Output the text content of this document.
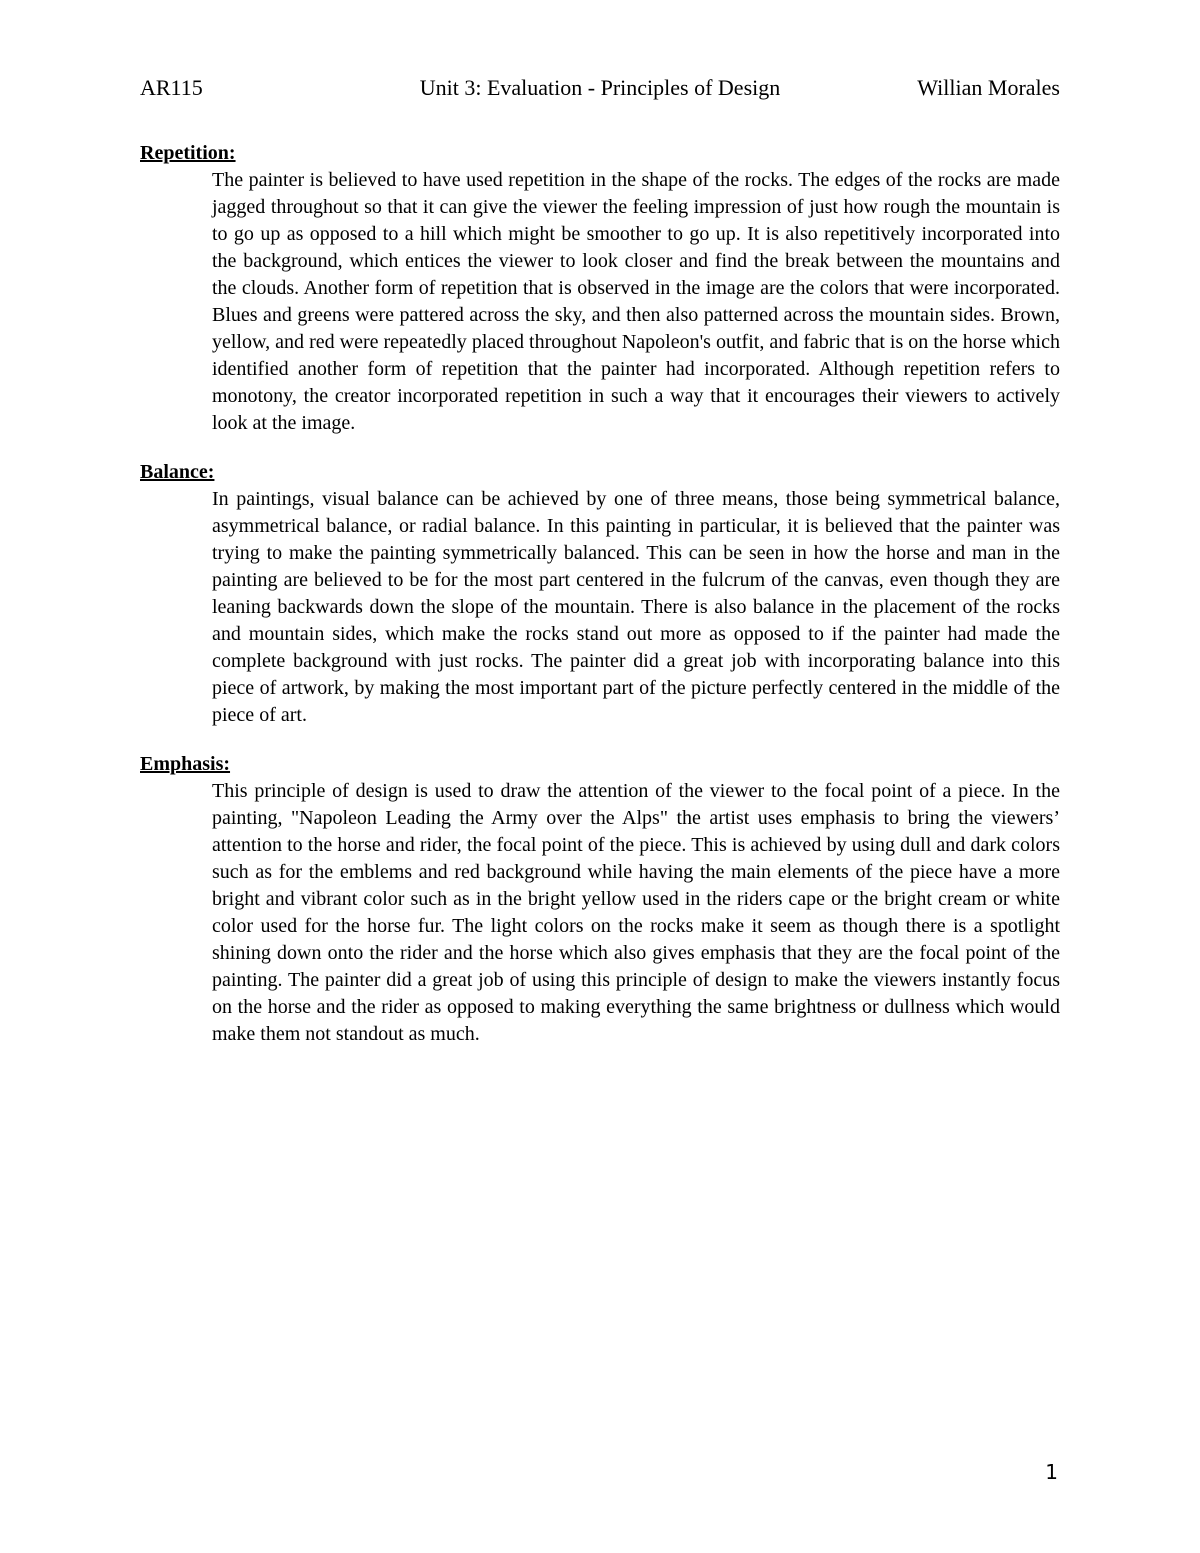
AR115	Unit 3: Evaluation - Principles of Design	Willian Morales

Repetition:

The painter is believed to have used repetition in the shape of the rocks. The edges of the rocks are made jagged throughout so that it can give the viewer the feeling impression of just how rough the mountain is to go up as opposed to a hill which might be smoother to go up. It is also repetitively incorporated into the background, which entices the viewer to look closer and find the break between the mountains and the clouds. Another form of repetition that is observed in the image are the colors that were incorporated. Blues and greens were pattered across the sky, and then also patterned across the mountain sides. Brown, yellow, and red were repeatedly placed throughout Napoleon's outfit, and fabric that is on the horse which identified another form of repetition that the painter had incorporated. Although repetition refers to monotony, the creator incorporated repetition in such a way that it encourages their viewers to actively look at the image.

Balance:

In paintings, visual balance can be achieved by one of three means, those being symmetrical balance, asymmetrical balance, or radial balance. In this painting in particular, it is believed that the painter was trying to make the painting symmetrically balanced. This can be seen in how the horse and man in the painting are believed to be for the most part centered in the fulcrum of the canvas, even though they are leaning backwards down the slope of the mountain. There is also balance in the placement of the rocks and mountain sides, which make the rocks stand out more as opposed to if the painter had made the complete background with just rocks. The painter did a great job with incorporating balance into this piece of artwork, by making the most important part of the picture perfectly centered in the middle of the piece of art.

Emphasis:

This principle of design is used to draw the attention of the viewer to the focal point of a piece. In the painting, "Napoleon Leading the Army over the Alps" the artist uses emphasis to bring the viewers’ attention to the horse and rider, the focal point of the piece. This is achieved by using dull and dark colors such as for the emblems and red background while having the main elements of the piece have a more bright and vibrant color such as in the bright yellow used in the riders cape or the bright cream or white color used for the horse fur. The light colors on the rocks make it seem as though there is a spotlight shining down onto the rider and the horse which also gives emphasis that they are the focal point of the painting. The painter did a great job of using this principle of design to make the viewers instantly focus on the horse and the rider as opposed to making everything the same brightness or dullness which would make them not standout as much.

1
